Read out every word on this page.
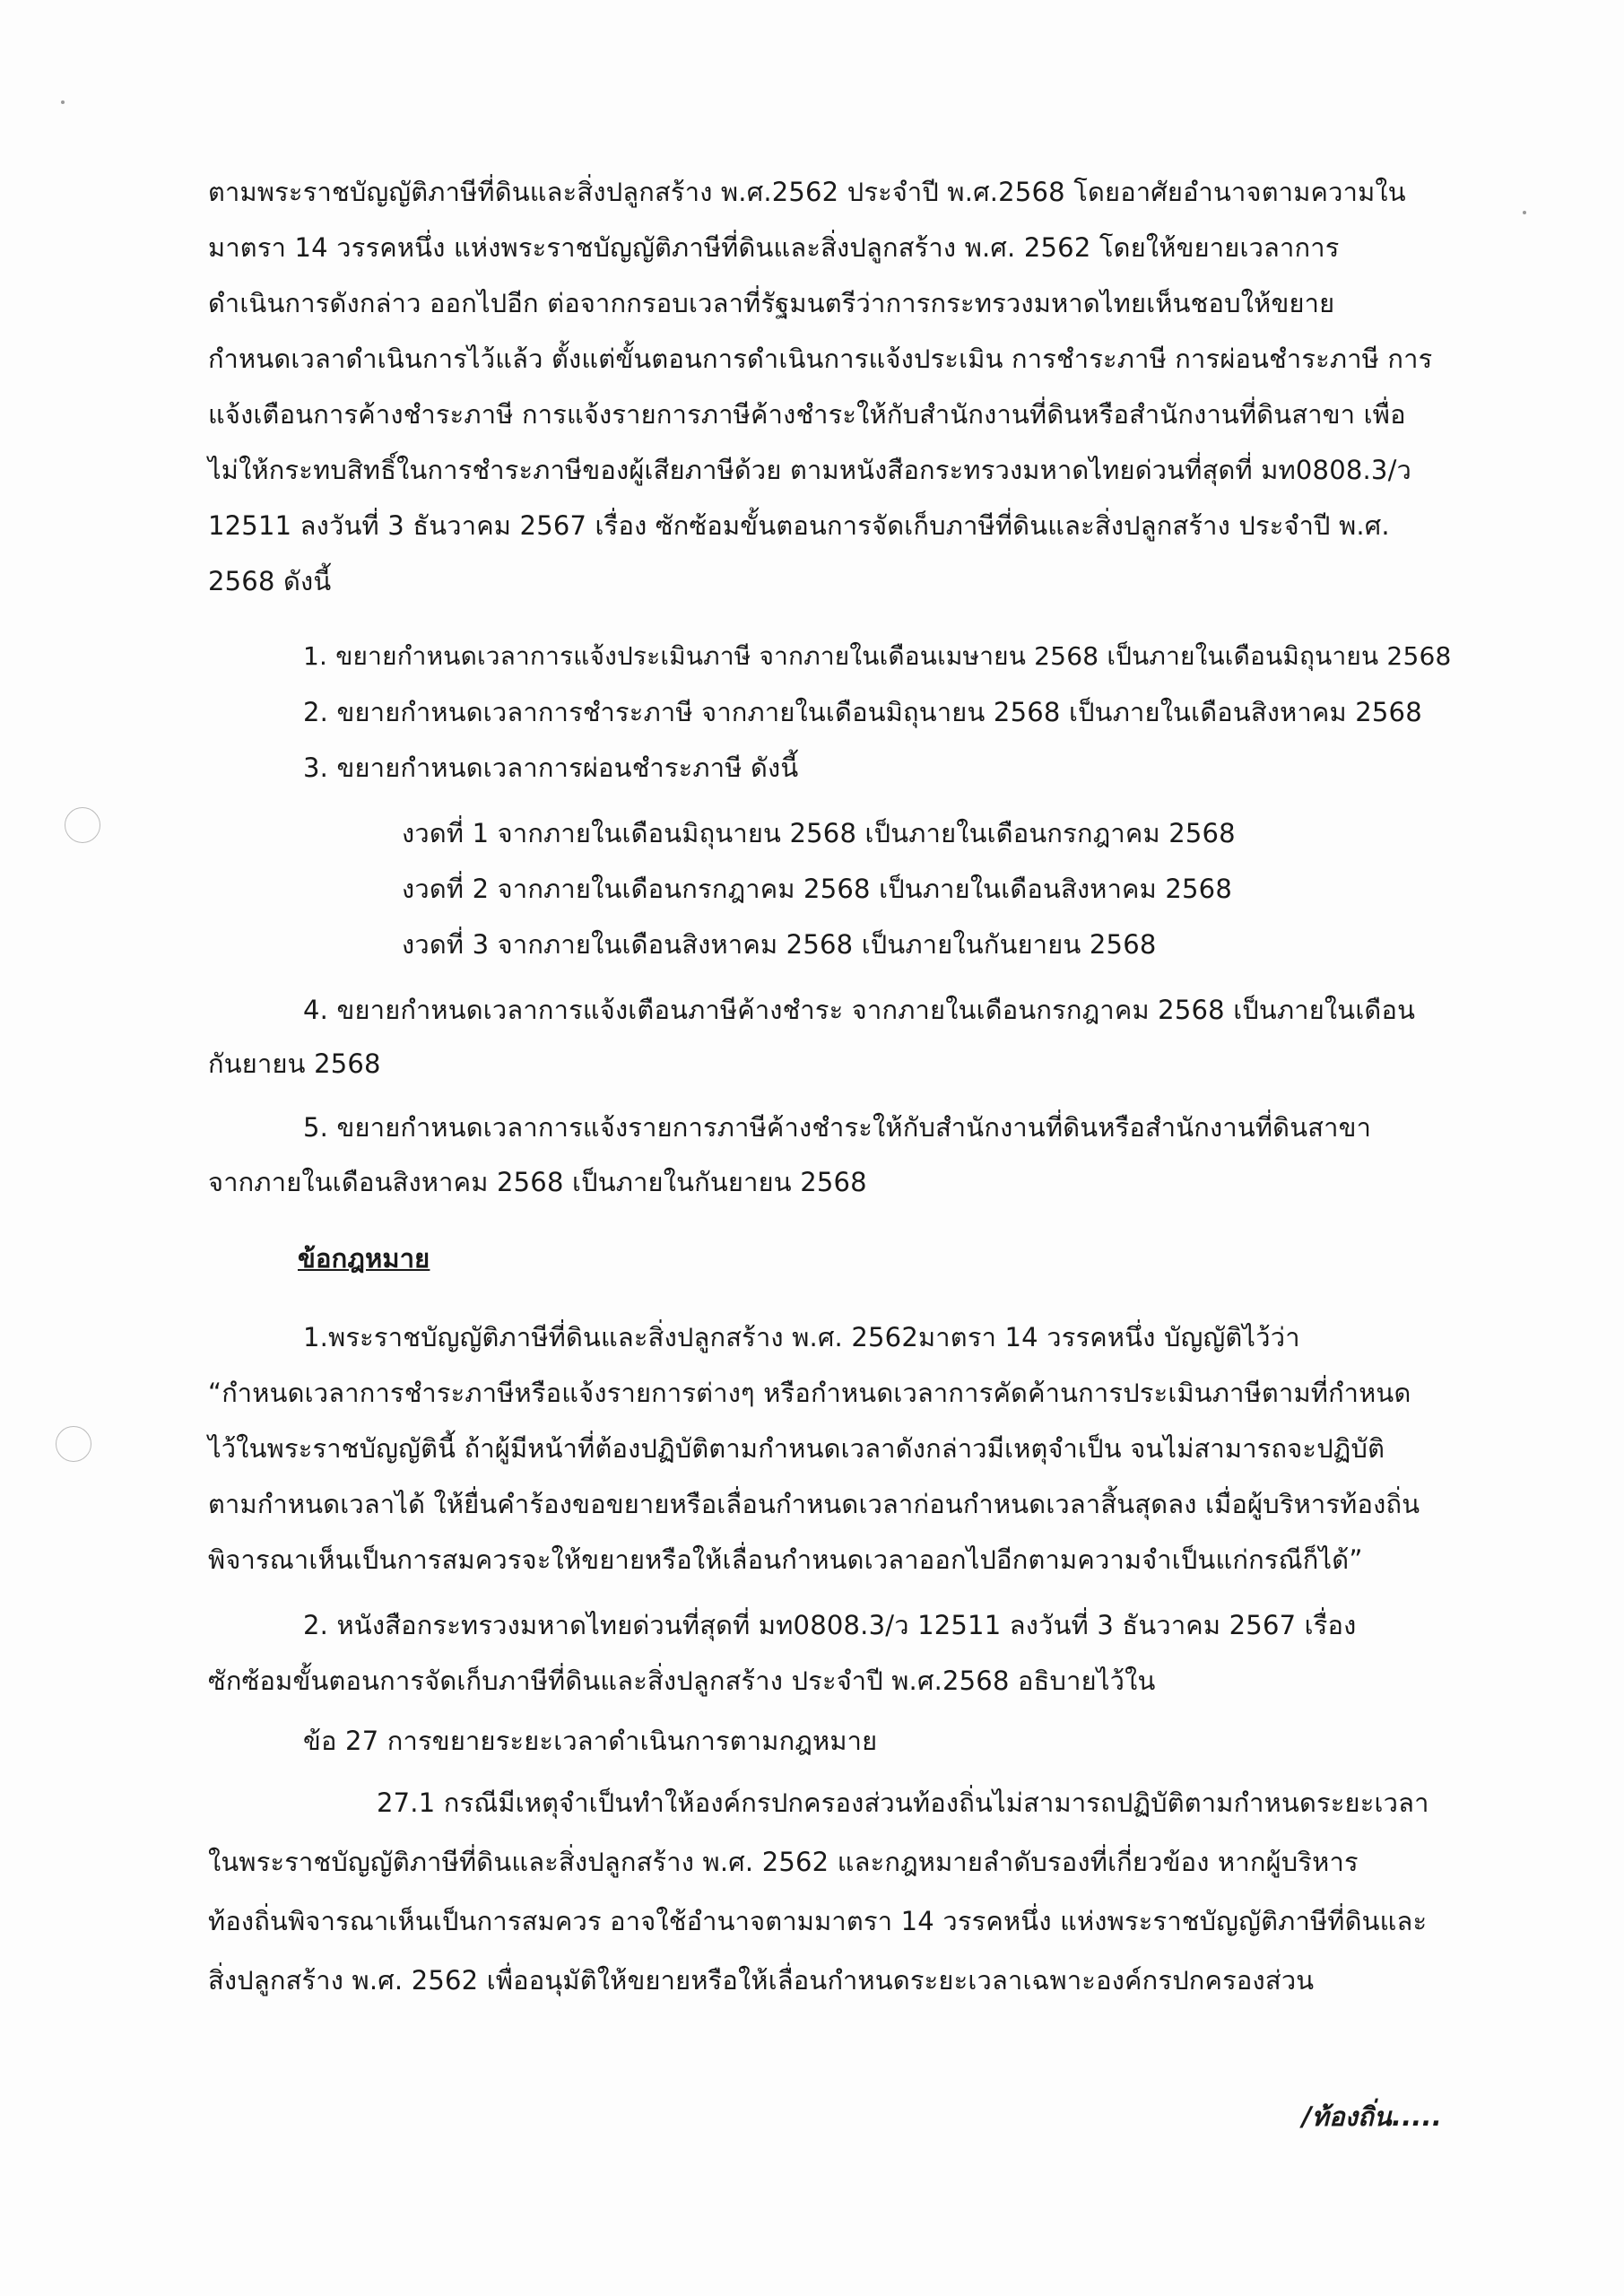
ตามพระราชบัญญัติภาษีที่ดินและสิ่งปลูกสร้าง พ.ศ.2562 ประจำปี พ.ศ.2568 โดยอาศัยอำนาจตามความใน
มาตรา 14 วรรคหนึ่ง แห่งพระราชบัญญัติภาษีที่ดินและสิ่งปลูกสร้าง พ.ศ. 2562 โดยให้ขยายเวลาการ
ดำเนินการดังกล่าว ออกไปอีก ต่อจากกรอบเวลาที่รัฐมนตรีว่าการกระทรวงมหาดไทยเห็นชอบให้ขยาย
กำหนดเวลาดำเนินการไว้แล้ว ตั้งแต่ขั้นตอนการดำเนินการแจ้งประเมิน การชำระภาษี การผ่อนชำระภาษี การ
แจ้งเตือนการค้างชำระภาษี การแจ้งรายการภาษีค้างชำระให้กับสำนักงานที่ดินหรือสำนักงานที่ดินสาขา เพื่อ
ไม่ให้กระทบสิทธิ์ในการชำระภาษีของผู้เสียภาษีด้วย ตามหนังสือกระทรวงมหาดไทยด่วนที่สุดที่ มท0808.3/ว
12511 ลงวันที่ 3 ธันวาคม 2567 เรื่อง ซักซ้อมขั้นตอนการจัดเก็บภาษีที่ดินและสิ่งปลูกสร้าง ประจำปี พ.ศ.
2568 ดังนี้
1. ขยายกำหนดเวลาการแจ้งประเมินภาษี จากภายในเดือนเมษายน 2568 เป็นภายในเดือนมิถุนายน 2568
2. ขยายกำหนดเวลาการชำระภาษี จากภายในเดือนมิถุนายน 2568 เป็นภายในเดือนสิงหาคม 2568
3. ขยายกำหนดเวลาการผ่อนชำระภาษี ดังนี้
งวดที่ 1 จากภายในเดือนมิถุนายน 2568 เป็นภายในเดือนกรกฎาคม 2568
งวดที่ 2 จากภายในเดือนกรกฎาคม 2568 เป็นภายในเดือนสิงหาคม 2568
งวดที่ 3 จากภายในเดือนสิงหาคม 2568 เป็นภายในกันยายน 2568
4. ขยายกำหนดเวลาการแจ้งเตือนภาษีค้างชำระ จากภายในเดือนกรกฎาคม 2568 เป็นภายในเดือน
กันยายน 2568
5. ขยายกำหนดเวลาการแจ้งรายการภาษีค้างชำระให้กับสำนักงานที่ดินหรือสำนักงานที่ดินสาขา
จากภายในเดือนสิงหาคม 2568 เป็นภายในกันยายน 2568
ข้อกฎหมาย
1.พระราชบัญญัติภาษีที่ดินและสิ่งปลูกสร้าง พ.ศ. 2562มาตรา 14 วรรคหนึ่ง บัญญัติไว้ว่า
“กำหนดเวลาการชำระภาษีหรือแจ้งรายการต่างๆ หรือกำหนดเวลาการคัดค้านการประเมินภาษีตามที่กำหนด
ไว้ในพระราชบัญญัตินี้ ถ้าผู้มีหน้าที่ต้องปฏิบัติตามกำหนดเวลาดังกล่าวมีเหตุจำเป็น จนไม่สามารถจะปฏิบัติ
ตามกำหนดเวลาได้ ให้ยื่นคำร้องขอขยายหรือเลื่อนกำหนดเวลาก่อนกำหนดเวลาสิ้นสุดลง เมื่อผู้บริหารท้องถิ่น
พิจารณาเห็นเป็นการสมควรจะให้ขยายหรือให้เลื่อนกำหนดเวลาออกไปอีกตามความจำเป็นแก่กรณีก็ได้”
2. หนังสือกระทรวงมหาดไทยด่วนที่สุดที่ มท0808.3/ว 12511 ลงวันที่ 3 ธันวาคม 2567 เรื่อง
ซักซ้อมขั้นตอนการจัดเก็บภาษีที่ดินและสิ่งปลูกสร้าง ประจำปี พ.ศ.2568 อธิบายไว้ใน
ข้อ 27 การขยายระยะเวลาดำเนินการตามกฎหมาย
27.1 กรณีมีเหตุจำเป็นทำให้องค์กรปกครองส่วนท้องถิ่นไม่สามารถปฏิบัติตามกำหนดระยะเวลา
ในพระราชบัญญัติภาษีที่ดินและสิ่งปลูกสร้าง พ.ศ. 2562 และกฎหมายลำดับรองที่เกี่ยวข้อง หากผู้บริหาร
ท้องถิ่นพิจารณาเห็นเป็นการสมควร อาจใช้อำนาจตามมาตรา 14 วรรคหนึ่ง แห่งพระราชบัญญัติภาษีที่ดินและ
สิ่งปลูกสร้าง พ.ศ. 2562 เพื่ออนุมัติให้ขยายหรือให้เลื่อนกำหนดระยะเวลาเฉพาะองค์กรปกครองส่วน
/ท้องถิ่น.....
